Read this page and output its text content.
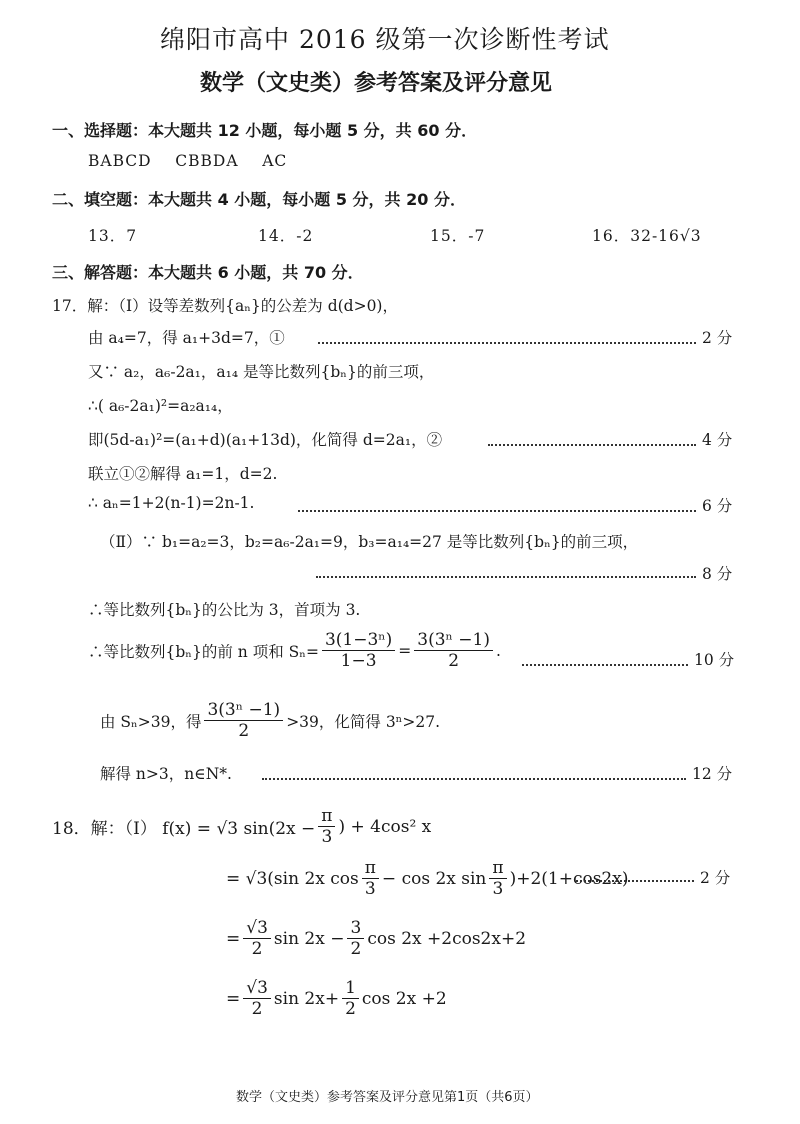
绵阳市高中 2016 级第一次诊断性考试
数学（文史类）参考答案及评分意见
一、选择题：本大题共 12 小题，每小题 5 分，共 60 分．
BABCD    CBBDA    AC
二、填空题：本大题共 4 小题，每小题 5 分，共 20 分．
13．7	14．-2	15．-7	16．32-16√3
三、解答题：本大题共 6 小题，共 70 分．
17．解：（Ⅰ）设等差数列{aₙ}的公差为 d(d>0)，
由 a₄=7，得 a₁+3d=7，①	2 分
又∵ a₂，a₆-2a₁，a₁₄ 是等比数列{bₙ}的前三项，
∴( a₆-2a₁)²=a₂a₁₄，
即(5d-a₁)²=(a₁+d)(a₁+13d)，化简得 d=2a₁，②	4 分
联立①②解得 a₁=1，d=2.
∴ aₙ=1+2(n-1)=2n-1.	6 分
（Ⅱ）∵ b₁=a₂=3，b₂=a₆-2a₁=9，b₃=a₁₄=27 是等比数列{bₙ}的前三项，
8 分
∴等比数列{bₙ}的公比为 3，首项为 3.
∴等比数列{bₙ}的前 n 项和 $S_n= \frac{\text{3(1−3ⁿ)}}{1-3} = \frac{\text{3(3ⁿ −1)}}{2}$ .
10 分
由 Sₙ>39，得 $\frac{\text{3(3ⁿ −1)}}{2} >39$，化简得 3ⁿ>27.
解得 n>3，n∈N*.	12 分
18．解：（Ⅰ） f(x) = √3 $\sin(2x - \frac{\pi}{3}$ ) + 4cos² x
= √3(sin 2x $\cos \frac{\pi}{3} - \cos 2x$ $\sin \frac{\pi}{3} )+2(1+\cos 2x)$	2 分
= $\frac{√3}{2}$ $\sin 2x - \frac{3}{2}$ cos 2x +2cos2x+2
= $\frac{√3}{2}$ $\sin 2x+ \frac{1}{2}$ cos 2x +2
数学（文史类）参考答案及评分意见第1页（共6页）
